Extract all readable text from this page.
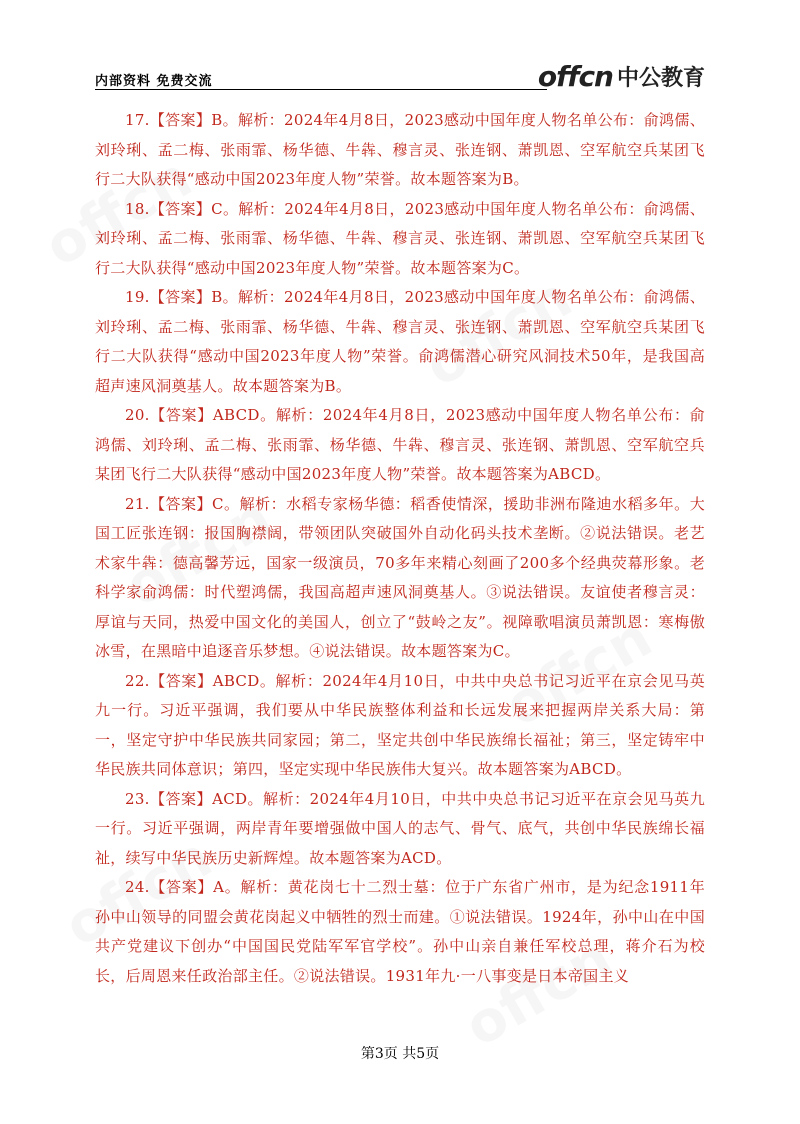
内部资料 免费交流	offcn 中公教育

17.【答案】B。解析：2024年4月8日，2023感动中国年度人物名单公布：俞鸿儒、刘玲琍、孟二梅、张雨霏、杨华德、牛犇、穆言灵、张连钢、萧凯恩、空军航空兵某团飞行二大队获得“感动中国2023年度人物”荣誉。故本题答案为B。

18.【答案】C。解析：2024年4月8日，2023感动中国年度人物名单公布：俞鸿儒、刘玲琍、孟二梅、张雨霏、杨华德、牛犇、穆言灵、张连钢、萧凯恩、空军航空兵某团飞行二大队获得“感动中国2023年度人物”荣誉。故本题答案为C。

19.【答案】B。解析：2024年4月8日，2023感动中国年度人物名单公布：俞鸿儒、刘玲琍、孟二梅、张雨霏、杨华德、牛犇、穆言灵、张连钢、萧凯恩、空军航空兵某团飞行二大队获得“感动中国2023年度人物”荣誉。俞鸿儒潜心研究风洞技术50年，是我国高超声速风洞奠基人。故本题答案为B。

20.【答案】ABCD。解析：2024年4月8日，2023感动中国年度人物名单公布：俞鸿儒、刘玲琍、孟二梅、张雨霏、杨华德、牛犇、穆言灵、张连钢、萧凯恩、空军航空兵某团飞行二大队获得“感动中国2023年度人物”荣誉。故本题答案为ABCD。

21.【答案】C。解析：水稻专家杨华德：稻香使情深，援助非洲布隆迪水稻多年。大国工匠张连钢：报国胸襟阔，带领团队突破国外自动化码头技术垄断。②说法错误。老艺术家牛犇：德高馨芳远，国家一级演员，70多年来精心刻画了200多个经典荧幕形象。老科学家俞鸿儒：时代塑鸿儒，我国高超声速风洞奠基人。③说法错误。友谊使者穆言灵：厚谊与天同，热爱中国文化的美国人，创立了“鼓岭之友”。视障歌唱演员萧凯恩：寒梅傲冰雪，在黑暗中追逐音乐梦想。④说法错误。故本题答案为C。

22.【答案】ABCD。解析：2024年4月10日，中共中央总书记习近平在京会见马英九一行。习近平强调，我们要从中华民族整体利益和长远发展来把握两岸关系大局：第一，坚定守护中华民族共同家园；第二，坚定共创中华民族绵长福祉；第三，坚定铸牢中华民族共同体意识；第四，坚定实现中华民族伟大复兴。故本题答案为ABCD。

23.【答案】ACD。解析：2024年4月10日，中共中央总书记习近平在京会见马英九一行。习近平强调，两岸青年要增强做中国人的志气、骨气、底气，共创中华民族绵长福祉，续写中华民族历史新辉煌。故本题答案为ACD。

24.【答案】A。解析：黄花岗七十二烈士墓：位于广东省广州市，是为纪念1911年孙中山领导的同盟会黄花岗起义中牺牲的烈士而建。①说法错误。1924年，孙中山在中国共产党建议下创办“中国国民党陆军军官学校”。孙中山亲自兼任军校总理，蒋介石为校长，后周恩来任政治部主任。②说法错误。1931年九·一八事变是日本帝国主义

第3页 共5页
